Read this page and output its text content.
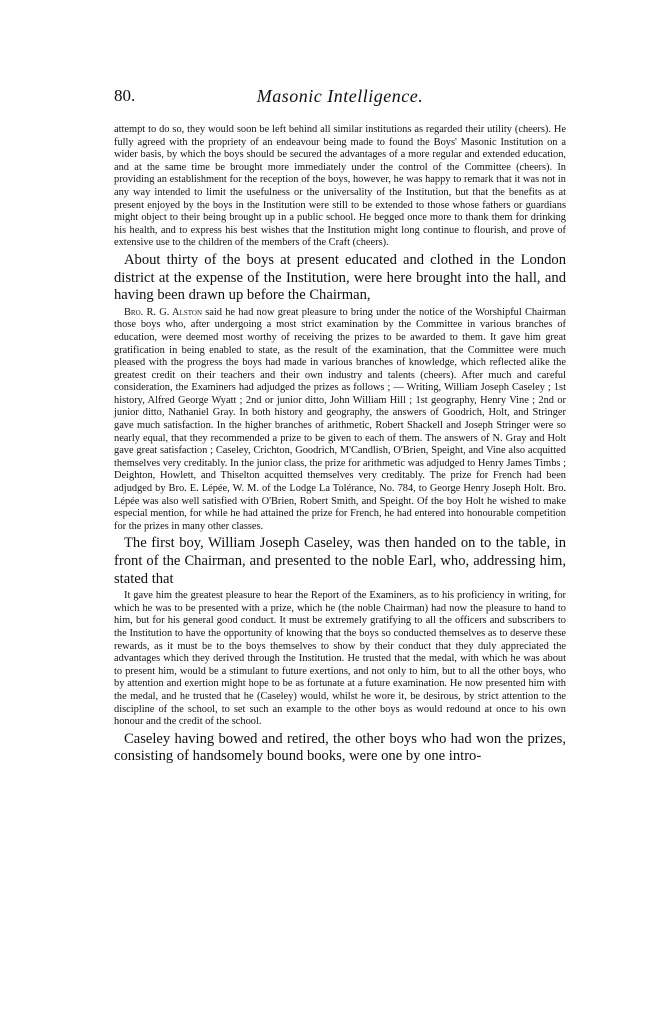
80.	Masonic Intelligence.

attempt to do so, they would soon be left behind all similar institutions as regarded their utility (cheers). He fully agreed with the propriety of an endeavour being made to found the Boys' Masonic Institution on a wider basis, by which the boys should be secured the advantages of a more regular and extended education, and at the same time be brought more immediately under the control of the Committee (cheers). In providing an establishment for the reception of the boys, however, he was happy to remark that it was not in any way intended to limit the usefulness or the universality of the Institution, but that the benefits as at present enjoyed by the boys in the Institution were still to be extended to those whose fathers or guardians might object to their being brought up in a public school. He begged once more to thank them for drinking his health, and to express his best wishes that the Institution might long continue to flourish, and prove of extensive use to the children of the members of the Craft (cheers).

About thirty of the boys at present educated and clothed in the London district at the expense of the Institution, were here brought into the hall, and having been drawn up before the Chairman,

Bro. R. G. Alston said he had now great pleasure to bring under the notice of the Worshipful Chairman those boys who, after undergoing a most strict examination by the Committee in various branches of education, were deemed most worthy of receiving the prizes to be awarded to them. It gave him great gratification in being enabled to state, as the result of the examination, that the Committee were much pleased with the progress the boys had made in various branches of knowledge, which reflected alike the greatest credit on their teachers and their own industry and talents (cheers). After much and careful consideration, the Examiners had adjudged the prizes as follows ; — Writing, William Joseph Caseley ; 1st history, Alfred George Wyatt ; 2nd or junior ditto, John William Hill ; 1st geography, Henry Vine ; 2nd or junior ditto, Nathaniel Gray. In both history and geography, the answers of Goodrich, Holt, and Stringer gave much satisfaction. In the higher branches of arithmetic, Robert Shackell and Joseph Stringer were so nearly equal, that they recommended a prize to be given to each of them. The answers of N. Gray and Holt gave great satisfaction ; Caseley, Crichton, Goodrich, M'Candlish, O'Brien, Speight, and Vine also acquitted themselves very creditably. In the junior class, the prize for arithmetic was adjudged to Henry James Timbs ; Deighton, Howlett, and Thiselton acquitted themselves very creditably. The prize for French had been adjudged by Bro. E. Lépée, W. M. of the Lodge La Tolérance, No. 784, to George Henry Joseph Holt. Bro. Lépée was also well satisfied with O'Brien, Robert Smith, and Speight. Of the boy Holt he wished to make especial mention, for while he had attained the prize for French, he had entered into honourable competition for the prizes in many other classes.

The first boy, William Joseph Caseley, was then handed on to the table, in front of the Chairman, and presented to the noble Earl, who, addressing him, stated that

It gave him the greatest pleasure to hear the Report of the Examiners, as to his proficiency in writing, for which he was to be presented with a prize, which he (the noble Chairman) had now the pleasure to hand to him, but for his general good conduct. It must be extremely gratifying to all the officers and subscribers to the Institution to have the opportunity of knowing that the boys so conducted themselves as to deserve these rewards, as it must be to the boys themselves to show by their conduct that they duly appreciated the advantages which they derived through the Institution. He trusted that the medal, with which he was about to present him, would be a stimulant to future exertions, and not only to him, but to all the other boys, who by attention and exertion might hope to be as fortunate at a future examination. He now presented him with the medal, and he trusted that he (Caseley) would, whilst he wore it, be desirous, by strict attention to the discipline of the school, to set such an example to the other boys as would redound at once to his own honour and the credit of the school.

Caseley having bowed and retired, the other boys who had won the prizes, consisting of handsomely bound books, were one by one intro-
